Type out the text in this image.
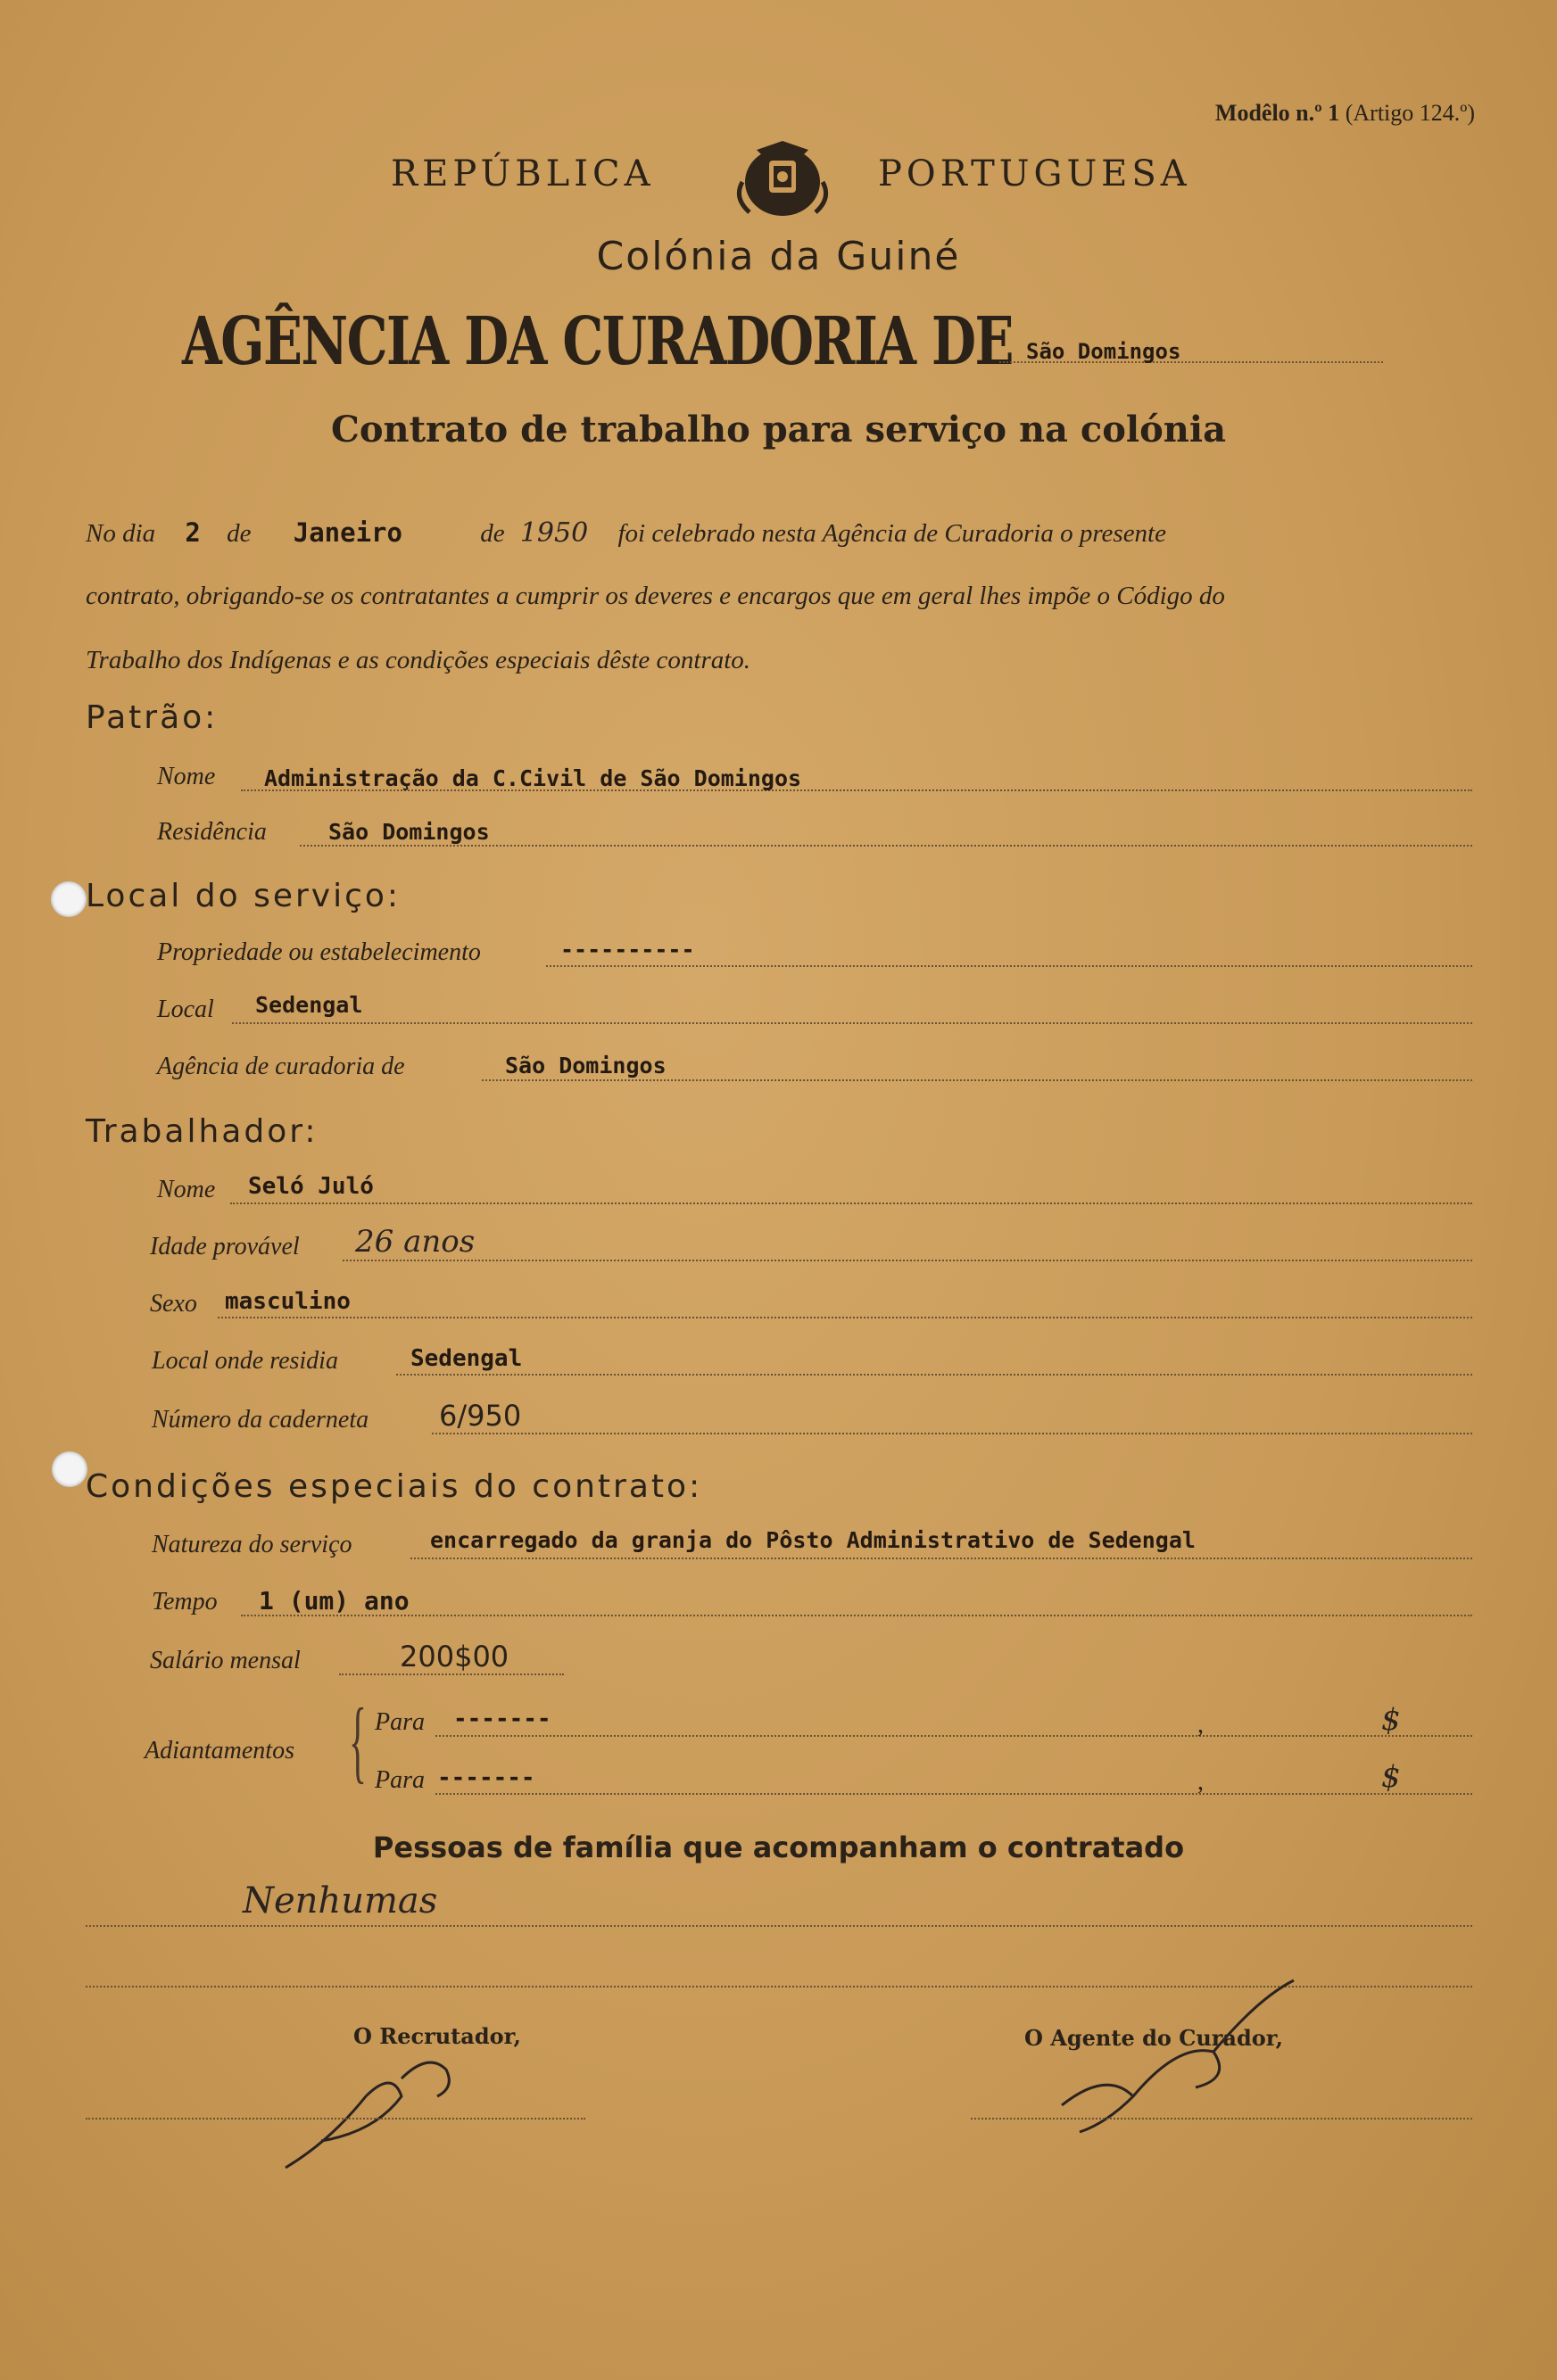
Modêlo n.º 1 (Artigo 124.º)
REPÚBLICA	PORTUGUESA
Colónia da Guiné
AGÊNCIA DA CURADORIA DE São Domingos
Contrato de trabalho para serviço na colónia
No dia 2 de Janeiro	de 1950 foi celebrado nesta Agência de Curadoria o presente
contrato, obrigando-se os contratantes a cumprir os deveres e encargos que em geral lhes impõe o Código do
Trabalho dos Indígenas e as condições especiais dêste contrato.
Patrão:
Nome Administração da C.Civil de São Domingos
Residência	São Domingos
Local do serviço:
Propriedade ou estabelecimento	----------
Local Sedengal
Agência de curadoria de	São Domingos
Trabalhador:
Nome Seló Juló
Idade provável 26 anos
Sexo masculino
Local onde residia	Sedengal
Número da caderneta 6/950
Condições especiais do contrato:
Natureza do serviço	encarregado da granja do Pôsto Administrativo de Sedengal
Tempo 1 (um) ano
Salário mensal	200$00
Adiantamentos { Para -------	,	$
Para -------	,	$
Pessoas de família que acompanham o contratado
Nenhumas
O Recrutador,	O Agente do Curador,
